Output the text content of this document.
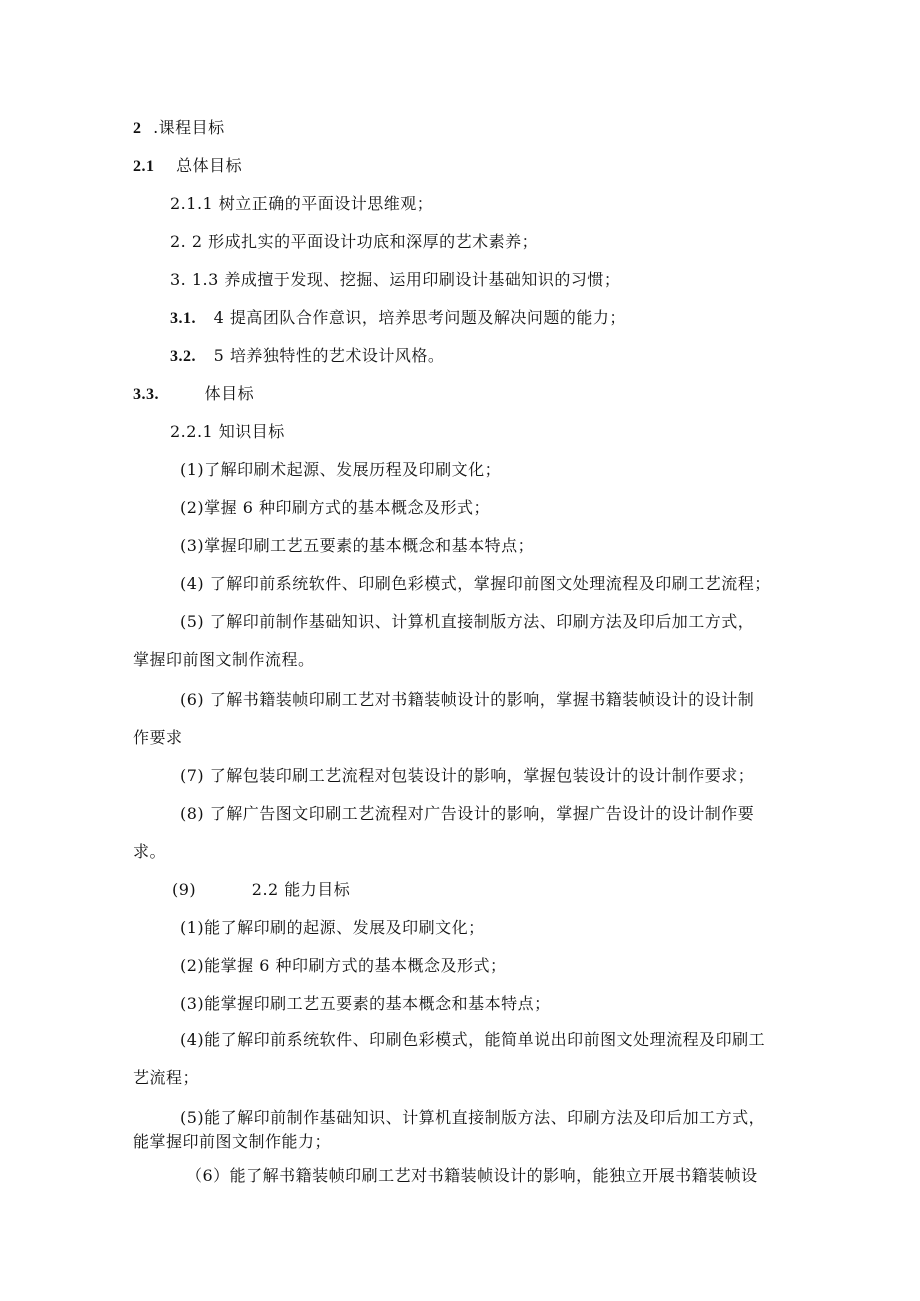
2 .课程目标
2.1 总体目标
2.1.1 树立正确的平面设计思维观；
2. 2 形成扎实的平面设计功底和深厚的艺术素养；
3. 1.3 养成擅于发现、挖掘、运用印刷设计基础知识的习惯；
3.1. 4 提高团队合作意识，培养思考问题及解决问题的能力；
3.2. 5 培养独特性的艺术设计风格。
3.3.	体目标
2.2.1 知识目标
(1)了解印刷术起源、发展历程及印刷文化；
(2)掌握 6 种印刷方式的基本概念及形式；
(3)掌握印刷工艺五要素的基本概念和基本特点；
(4) 了解印前系统软件、印刷色彩模式，掌握印前图文处理流程及印刷工艺流程；
(5) 了解印前制作基础知识、计算机直接制版方法、印刷方法及印后加工方式，
掌握印前图文制作流程。
(6) 了解书籍装帧印刷工艺对书籍装帧设计的影响，掌握书籍装帧设计的设计制
作要求
(7) 了解包装印刷工艺流程对包装设计的影响，掌握包装设计的设计制作要求；
(8) 了解广告图文印刷工艺流程对广告设计的影响，掌握广告设计的设计制作要
求。
(9)	2.2 能力目标
(1)能了解印刷的起源、发展及印刷文化；
(2)能掌握 6 种印刷方式的基本概念及形式；
(3)能掌握印刷工艺五要素的基本概念和基本特点；
(4)能了解印前系统软件、印刷色彩模式，能简单说出印前图文处理流程及印刷工
艺流程；
(5)能了解印前制作基础知识、计算机直接制版方法、印刷方法及印后加工方式，
能掌握印前图文制作能力；
（6）能了解书籍装帧印刷工艺对书籍装帧设计的影响，能独立开展书籍装帧设
